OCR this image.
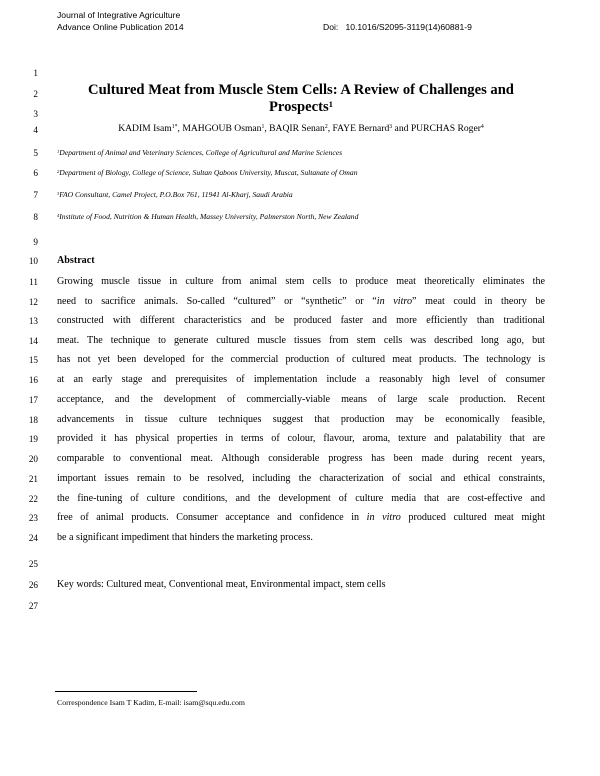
Journal of Integrative Agriculture
Advance Online Publication 2014	Doi:   10.1016/S2095-3119(14)60881-9
1
2
3
4
5
6
7
8
9
10
11
12
13
14
15
16
17
18
19
20
21
22
23
24
25
26
27
Cultured Meat from Muscle Stem Cells: A Review of Challenges and
Prospects$^1$
KADIM Isam$^{1*}$, MAHGOUB Osman$^1$, BAQIR Senan$^2$, FAYE Bernard$^3$ and PURCHAS Roger$^4$
$^1$Department of Animal and Veterinary Sciences, College of Agricultural and Marine Sciences
$^2$Department of Biology, College of Science, Sultan Qaboos University, Muscat, Sultanate of Oman
$^3$FAO Consultant, Camel Project, P.O.Box 761, 11941 Al-Kharj, Saudi Arabia
$^4$Institute of Food, Nutrition & Human Health, Massey University, Palmerston North, New Zealand
Abstract
Growing muscle tissue in culture from animal stem cells to produce meat theoretically eliminates the
need to sacrifice animals. So-called “cultured” or “synthetic” or “in vitro” meat could in theory be
constructed with different characteristics and be produced faster and more efficiently than traditional
meat. The technique to generate cultured muscle tissues from stem cells was described long ago, but
has not yet been developed for the commercial production of cultured meat products. The technology is
at an early stage and prerequisites of implementation include a reasonably high level of consumer
acceptance, and the development of commercially-viable means of large scale production. Recent
advancements in tissue culture techniques suggest that production may be economically feasible,
provided it has physical properties in terms of colour, flavour, aroma, texture and palatability that are
comparable to conventional meat. Although considerable progress has been made during recent years,
important issues remain to be resolved, including the characterization of social and ethical constraints,
the fine-tuning of culture conditions, and the development of culture media that are cost-effective and
free of animal products. Consumer acceptance and confidence in in vitro produced cultured meat might
be a significant impediment that hinders the marketing process.
Key words: Cultured meat, Conventional meat, Environmental impact, stem cells
Correspondence Isam T Kadim, E-mail: isam@squ.edu.com
